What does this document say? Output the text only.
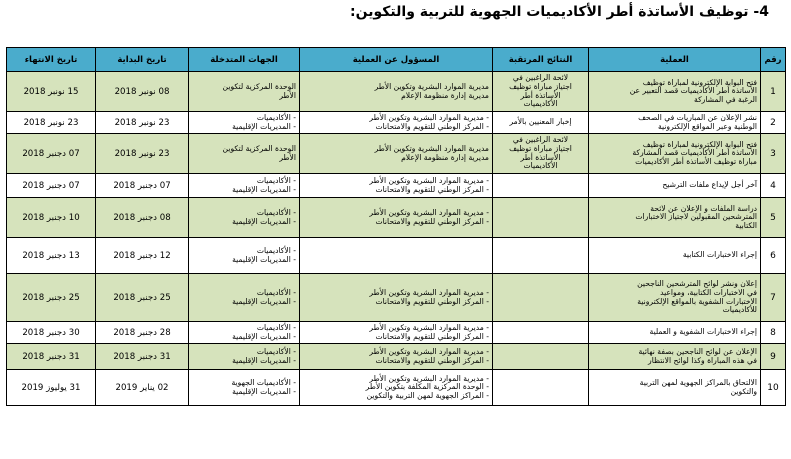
4- توظيف الأساتذة أطر الأكاديميات الجهوية للتربية والتكوين:
رقم	العملية	النتائج المرتقبة	المسؤول عن العملية	الجهات المتدخلة	تاريخ البداية	تاريخ الانتهاء
1	فتح البوابة الإلكترونية لمباراة توظيف
الأساتذة أطر الأكاديميات قصد التعبير عن
الرغبة في المشاركة	لائحة الراغبين في
اجتياز مباراة توظيف
الأساتذة أطر
الأكاديميات	مديرية الموارد البشرية وتكوين الأطر
مديرية إدارة منظومة الإعلام	الوحدة المركزية لتكوين
الأطر	08 نونبر 2018	15 نونبر 2018
2	نشر الإعلان عن المباريات في الصحف
الوطنية وعبر المواقع الإلكترونية	إخبار المعنيين بالأمر	- مديرية الموارد البشرية وتكوين الأطر
- المركز الوطني للتقويم والامتحانات	- الأكاديميات
- المديريات الإقليمية	23 نونبر 2018	23 نونبر 2018
3	فتح البوابة الإلكترونية لمباراة توظيف
الأساتذة أطر الأكاديميات قصد المشاركة
مباراة توظيف الأساتذة أطر الأكاديميات	لائحة الراغبين في
اجتياز مباراة توظيف
الأساتذة أطر
الأكاديميات	مديرية الموارد البشرية وتكوين الأطر
مديرية إدارة منظومة الإعلام	الوحدة المركزية لتكوين
الأطر	23 نونبر 2018	07 دجنبر 2018
4	آخر أجل لإيداع ملفات الترشيح		- مديرية الموارد البشرية وتكوين الأطر
- المركز الوطني للتقويم والامتحانات	- الأكاديميات
- المديريات الإقليمية	07 دجنبر 2018	07 دجنبر 2018
5	دراسة الملفات و الإعلان عن لائحة
المترشحين المقبولين لاجتياز الاختبارات
الكتابية		- مديرية الموارد البشرية وتكوين الأطر
- المركز الوطني للتقويم والامتحانات	- الأكاديميات
- المديريات الإقليمية	08 دجنبر 2018	10 دجنبر 2018
6	إجراء الاختبارات الكتابية			- الأكاديميات
- المديريات الإقليمية	12 دجنبر 2018	13 دجنبر 2018
7	إعلان ونشر لوائح المترشحين الناجحين
في الاختبارات الكتابية، ومواعيد
الاختبارات الشفوية بالمواقع الإلكترونية
للأكاديميات		- مديرية الموارد البشرية وتكوين الأطر
- المركز الوطني للتقويم والامتحانات	- الأكاديميات
- المديريات الإقليمية	25 دجنبر 2018	25 دجنبر 2018
8	إجراء الاختبارات الشفوية و العملية		- مديرية الموارد البشرية وتكوين الأطر
- المركز الوطني للتقويم والامتحانات	- الأكاديميات
- المديريات الإقليمية	28 دجنبر 2018	30 دجنبر 2018
9	الإعلان عن لوائح الناجحين بصفة نهائية
في هذه المباراة وكذا لوائح الانتظار		- مديرية الموارد البشرية وتكوين الأطر
- المركز الوطني للتقويم والامتحانات	- الأكاديميات
- المديريات الإقليمية	31 دجنبر 2018	31 دجنبر 2018
10	الالتحاق بالمراكز الجهوية لمهن التربية
والتكوين		- مديرية الموارد البشرية وتكوين الأطر
- الوحدة المركزية المكلفة بتكوين الأطر
- المراكز الجهوية لمهن التربية والتكوين	- الأكاديميات الجهوية
- المديريات الإقليمية	02 يناير 2019	31 يوليوز 2019
